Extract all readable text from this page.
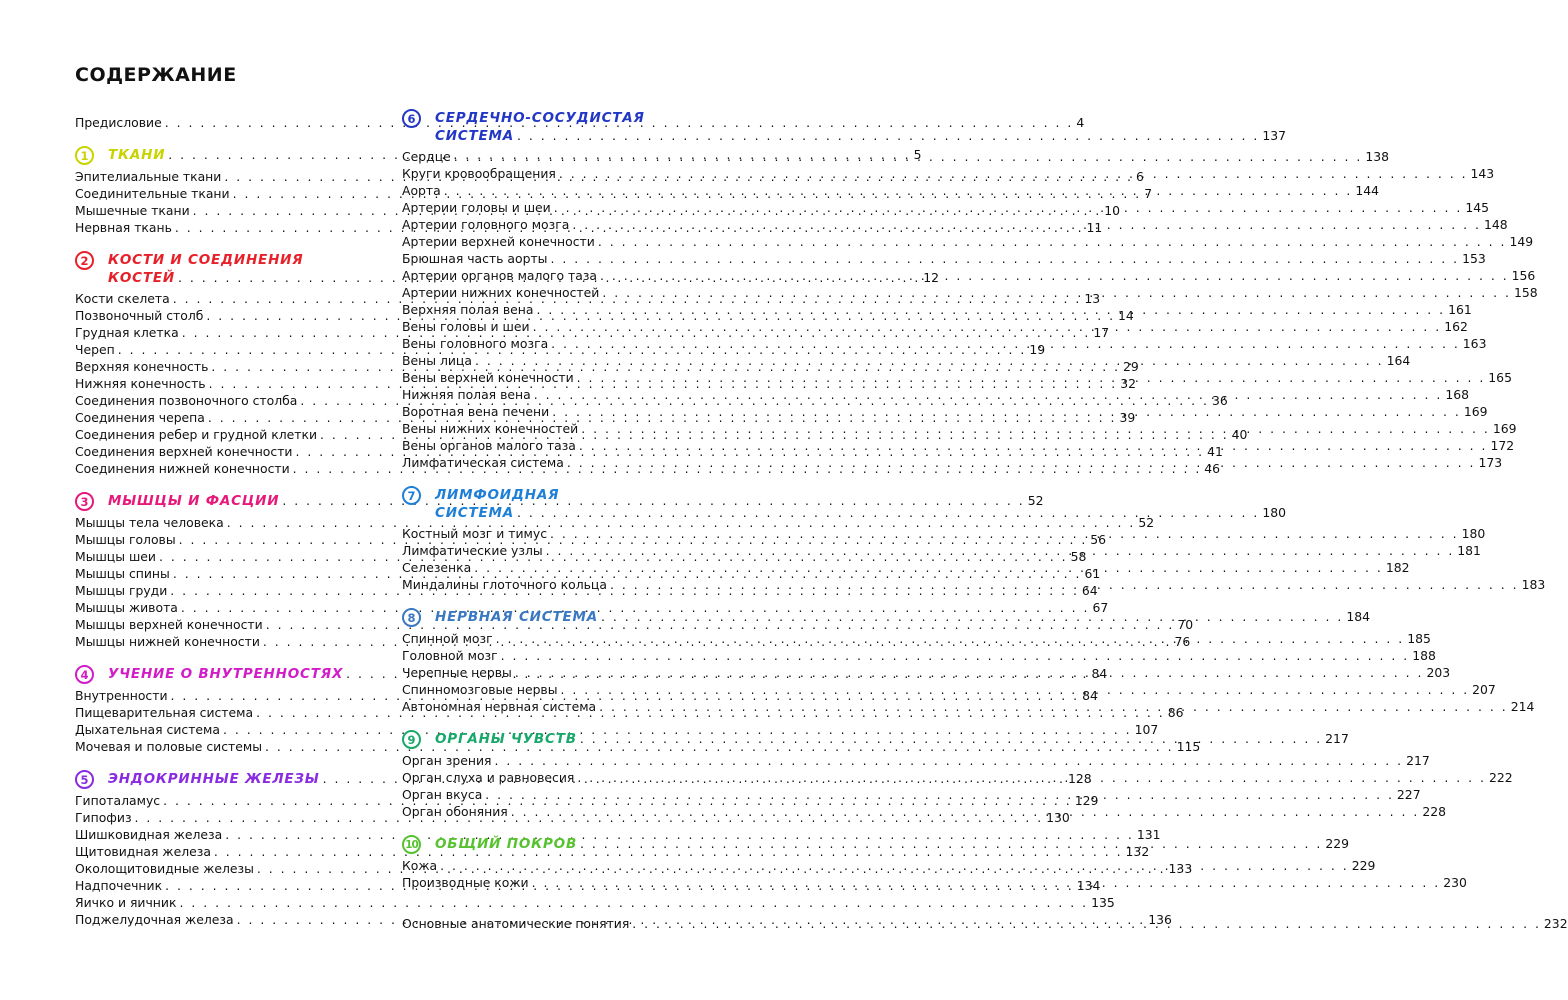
СОДЕРЖАНИЕ
Предисловие . . .	4
1	ТКАНИ . . .	5
Эпителиальные ткани . . .	6
Соединительные ткани . . .	7
Мышечные ткани . . .	10
Нервная ткань . . .	11
2	КОСТИ И СОЕДИНЕНИЯ
КОСТЕЙ . . .	12
Кости скелета . . .	13
Позвоночный столб . . .	14
Грудная клетка . . .	17
Череп . . .	19
Верхняя конечность . . .	29
Нижняя конечность . . .	32
Соединения позвоночного столба . . .	36
Соединения черепа . . .	39
Соединения ребер и грудной клетки . . .	40
Соединения верхней конечности . . .	41
Соединения нижней конечности . . .	46
3	МЫШЦЫ И ФАСЦИИ . . .	52
Мышцы тела человека . . .	52
Мышцы головы . . .	56
Мышцы шеи . . .	58
Мышцы спины . . .	61
Мышцы груди . . .	64
Мышцы живота . . .	67
Мышцы верхней конечности . . .	70
Мышцы нижней конечности . . .	76
4	УЧЕНИЕ О ВНУТРЕННОСТЯХ . . .	84
Внутренности . . .	84
Пищеварительная система . . .	86
Дыхательная система . . .	107
Мочевая и половые системы . . .	115
5	ЭНДОКРИННЫЕ ЖЕЛЕЗЫ . . .	128
Гипоталамус . . .	129
Гипофиз . . .	130
Шишковидная железа . . .	131
Щитовидная железа . . .	132
Околощитовидные железы . . .	133
Надпочечник . . .	134
Яичко и яичник . . .	135
Поджелудочная железа . . .	136
6	СЕРДЕЧНО-СОСУДИСТАЯ
СИСТЕМА . . .	137
Сердце . . .	138
Круги кровообращения . . .	143
Аорта . . .	144
Артерии головы и шеи . . .	145
Артерии головного мозга . . .	148
Артерии верхней конечности . . .	149
Брюшная часть аорты . . .	153
Артерии органов малого таза . . .	156
Артерии нижних конечностей . . .	158
Верхняя полая вена . . .	161
Вены головы и шеи . . .	162
Вены головного мозга . . .	163
Вены лица . . .	164
Вены верхней конечности . . .	165
Нижняя полая вена . . .	168
Воротная вена печени . . .	169
Вены нижних конечностей . . .	169
Вены органов малого таза . . .	172
Лимфатическая система . . .	173
7	ЛИМФОИДНАЯ
СИСТЕМА . . .	180
Костный мозг и тимус . . .	180
Лимфатические узлы . . .	181
Селезенка . . .	182
Миндалины глоточного кольца . . .	183
8	НЕРВНАЯ СИСТЕМА . . .	184
Спинной мозг . . .	185
Головной мозг . . .	188
Черепные нервы . . .	203
Спинномозговые нервы . . .	207
Автономная нервная система . . .	214
9	ОРГАНЫ ЧУВСТВ . . .	217
Орган зрения . . .	217
Орган слуха и равновесия . . .	222
Орган вкуса . . .	227
Орган обоняния . . .	228
10 ОБЩИЙ ПОКРОВ . . .	229
Кожа . . .	229
Производные кожи . . .	230
Основные анатомические понятия . . .	232
